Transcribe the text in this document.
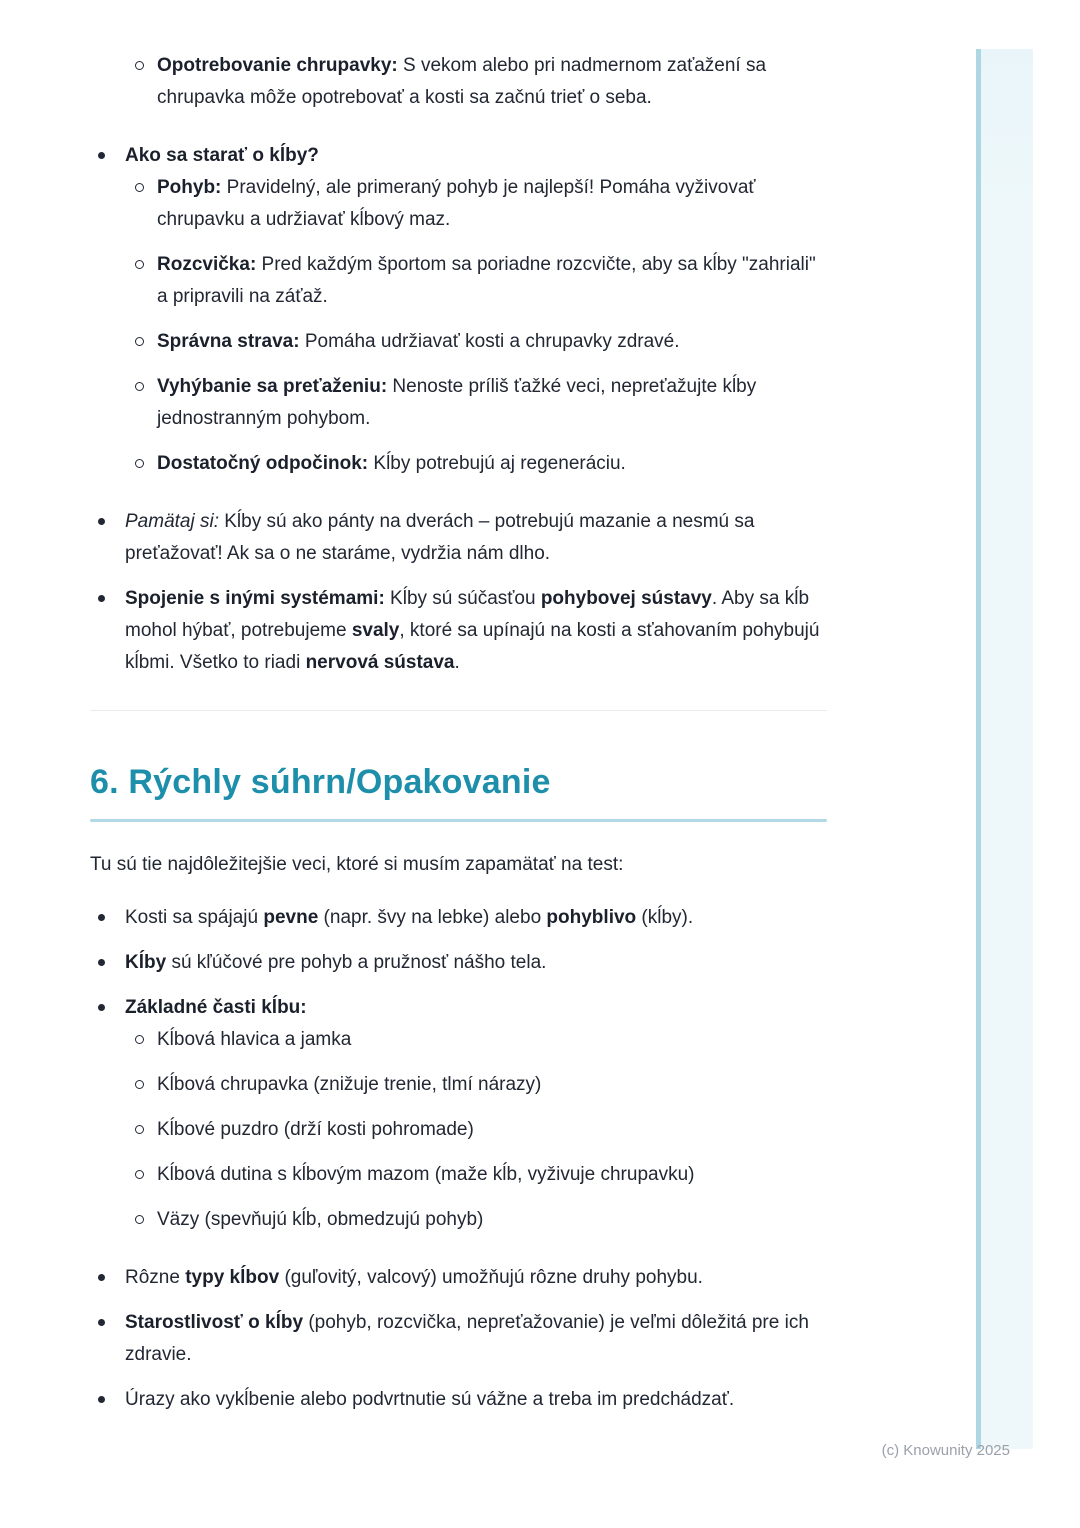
Opotrebovanie chrupavky: S vekom alebo pri nadmernom zaťažení sa chrupavka môže opotrebovať a kosti sa začnú trieť o seba.
Ako sa starať o kĺby?
Pohyb: Pravidelný, ale primeraný pohyb je najlepší! Pomáha vyživovať chrupavku a udržiavať kĺbový maz.
Rozcvička: Pred každým športom sa poriadne rozcvičte, aby sa kĺby "zahriali" a pripravili na záťaž.
Správna strava: Pomáha udržiavať kosti a chrupavky zdravé.
Vyhýbanie sa preťaženiu: Nenoste príliš ťažké veci, nepreťažujte kĺby jednostranným pohybom.
Dostatočný odpočinok: Kĺby potrebujú aj regeneráciu.
Pamätaj si: Kĺby sú ako pánty na dverách – potrebujú mazanie a nesmú sa preťažovať! Ak sa o ne staráme, vydržia nám dlho.
Spojenie s inými systémami: Kĺby sú súčasťou pohybovej sústavy. Aby sa kĺb mohol hýbať, potrebujeme svaly, ktoré sa upínajú na kosti a sťahovaním pohybujú kĺbmi. Všetko to riadi nervová sústava.
6. Rýchly súhrn/Opakovanie

Tu sú tie najdôležitejšie veci, ktoré si musím zapamätať na test:

Kosti sa spájajú pevne (napr. švy na lebke) alebo pohyblivo (kĺby).
Kĺby sú kľúčové pre pohyb a pružnosť nášho tela.
Základné časti kĺbu:
Kĺbová hlavica a jamka
Kĺbová chrupavka (znižuje trenie, tlmí nárazy)
Kĺbové puzdro (drží kosti pohromade)
Kĺbová dutina s kĺbovým mazom (maže kĺb, vyživuje chrupavku)
Väzy (spevňujú kĺb, obmedzujú pohyb)
Rôzne typy kĺbov (guľovitý, valcový) umožňujú rôzne druhy pohybu.
Starostlivosť o kĺby (pohyb, rozcvička, nepreťažovanie) je veľmi dôležitá pre ich zdravie.
Úrazy ako vykĺbenie alebo podvrtnutie sú vážne a treba im predchádzať.
(c) Knowunity 2025
